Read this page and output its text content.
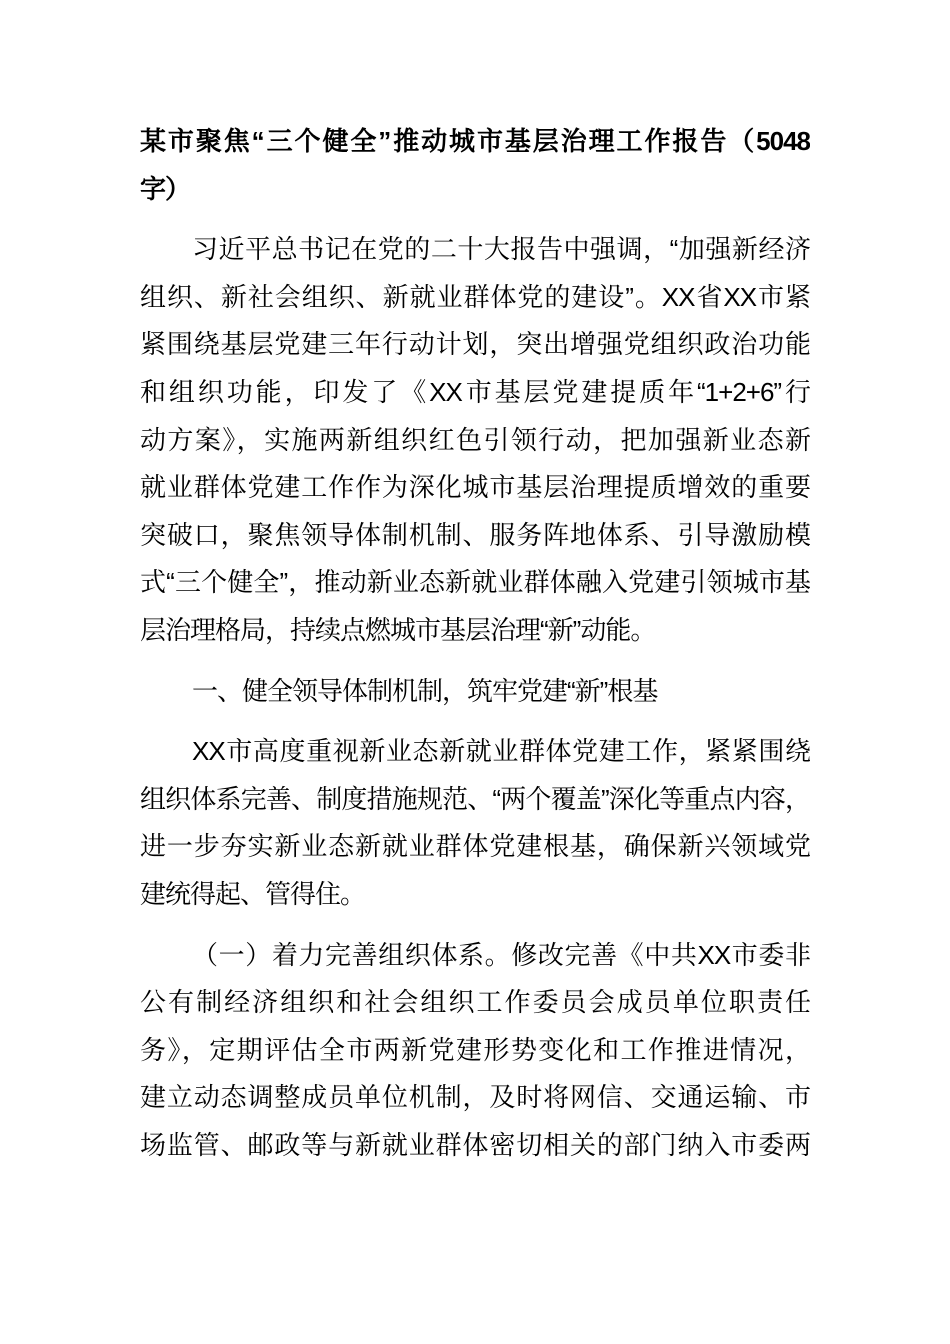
某市聚焦“三个健全”推动城市基层治理工作报告（5048
字）
习近平总书记在党的二十大报告中强调，“加强新经济
组织、新社会组织、新就业群体党的建设”。XX省XX市紧
紧围绕基层党建三年行动计划，突出增强党组织政治功能
和组织功能，印发了《XX市基层党建提质年“1+2+6”行
动方案》，实施两新组织红色引领行动，把加强新业态新
就业群体党建工作作为深化城市基层治理提质增效的重要
突破口，聚焦领导体制机制、服务阵地体系、引导激励模
式“三个健全”，推动新业态新就业群体融入党建引领城市基
层治理格局，持续点燃城市基层治理“新”动能。
一、健全领导体制机制，筑牢党建“新”根基
XX市高度重视新业态新就业群体党建工作，紧紧围绕
组织体系完善、制度措施规范、“两个覆盖”深化等重点内容，
进一步夯实新业态新就业群体党建根基，确保新兴领域党
建统得起、管得住。
（一）着力完善组织体系。修改完善《中共XX市委非
公有制经济组织和社会组织工作委员会成员单位职责任
务》，定期评估全市两新党建形势变化和工作推进情况，
建立动态调整成员单位机制，及时将网信、交通运输、市
场监管、邮政等与新就业群体密切相关的部门纳入市委两
